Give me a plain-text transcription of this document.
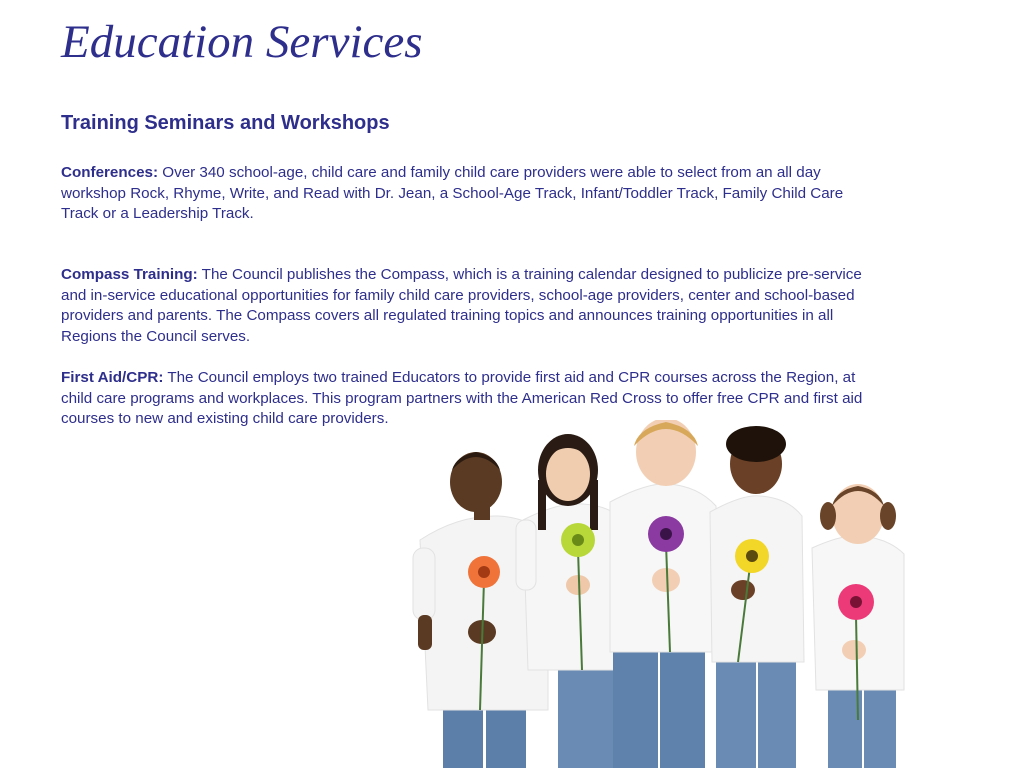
Education Services
Training Seminars and Workshops

Conferences: Over 340 school-age, child care and family child care providers were able to select from an all day workshop Rock, Rhyme, Write, and Read with Dr. Jean, a School-Age Track, Infant/Toddler Track, Family Child Care Track or a Leadership Track.

Compass Training: The Council publishes the Compass, which is a training calendar designed to publicize pre-service and in-service educational opportunities for family child care providers, school-age providers, center and school-based providers and parents. The Compass covers all regulated training topics and announces training opportunities in all Regions the Council serves.

First Aid/CPR: The Council employs two trained Educators to provide first aid and CPR courses across the Region, at child care programs and workplaces. This program partners with the American Red Cross to offer free CPR and first aid courses to new and existing child care providers.
